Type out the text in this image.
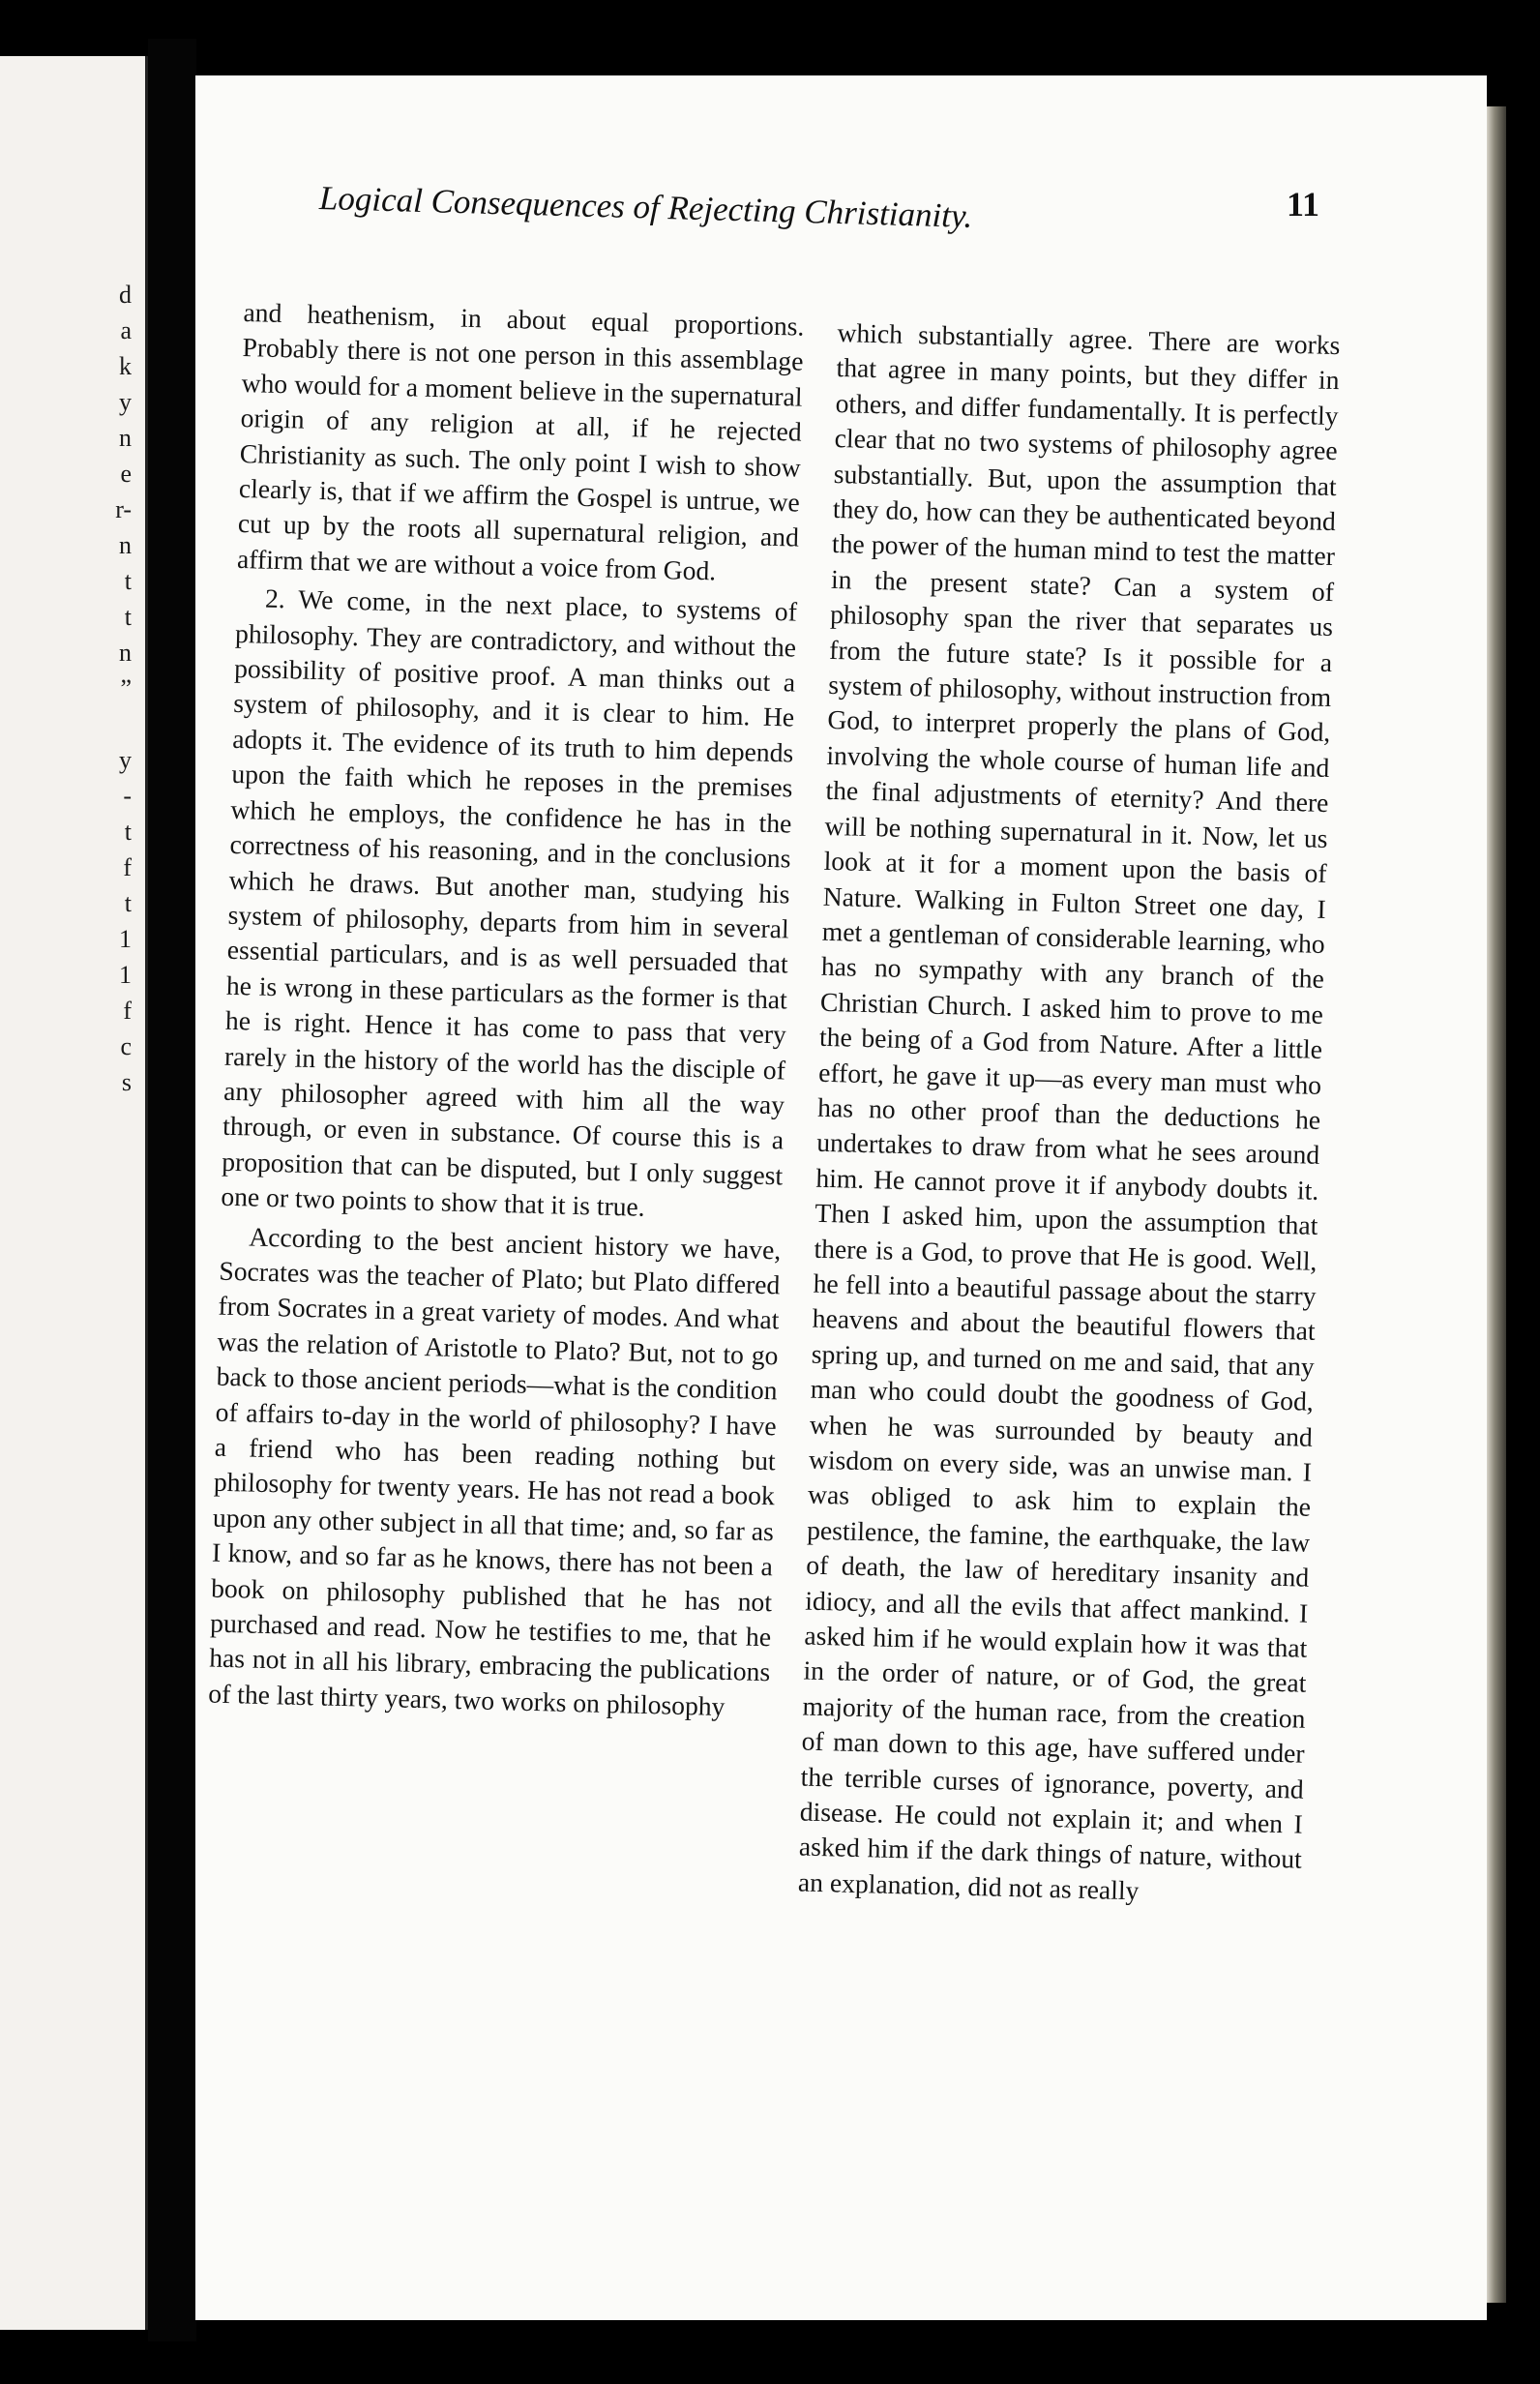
d
a
k
y
n
e
r-
n
t
t
n
”
y
-
t
f
t
1
1
f
c
s
Logical Consequences of Rejecting Christianity.	11

and heathenism, in about equal proportions. Probably there is not one person in this assemblage who would for a moment believe in the supernatural origin of any religion at all, if he rejected Christianity as such. The only point I wish to show clearly is, that if we affirm the Gospel is untrue, we cut up by the roots all supernatural religion, and affirm that we are without a voice from God.

2. We come, in the next place, to systems of philosophy. They are contradictory, and without the possibility of positive proof. A man thinks out a system of philosophy, and it is clear to him. He adopts it. The evidence of its truth to him depends upon the faith which he reposes in the premises which he employs, the confidence he has in the correctness of his reasoning, and in the conclusions which he draws. But another man, studying his system of philosophy, departs from him in several essential particulars, and is as well persuaded that he is wrong in these particulars as the former is that he is right. Hence it has come to pass that very rarely in the history of the world has the disciple of any philosopher agreed with him all the way through, or even in substance. Of course this is a proposition that can be disputed, but I only suggest one or two points to show that it is true.

According to the best ancient history we have, Socrates was the teacher of Plato; but Plato differed from Socrates in a great variety of modes. And what was the relation of Aristotle to Plato? But, not to go back to those ancient periods—what is the condition of affairs to-day in the world of philosophy? I have a friend who has been reading nothing but philosophy for twenty years. He has not read a book upon any other subject in all that time; and, so far as I know, and so far as he knows, there has not been a book on philosophy published that he has not purchased and read. Now he testifies to me, that he has not in all his library, embracing the publications of the last thirty years, two works on philosophy

which substantially agree. There are works that agree in many points, but they differ in others, and differ fundamentally. It is perfectly clear that no two systems of philosophy agree substantially. But, upon the assumption that they do, how can they be authenticated beyond the power of the human mind to test the matter in the present state? Can a system of philosophy span the river that separates us from the future state? Is it possible for a system of philosophy, without instruction from God, to interpret properly the plans of God, involving the whole course of human life and the final adjustments of eternity? And there will be nothing supernatural in it. Now, let us look at it for a moment upon the basis of Nature. Walking in Fulton Street one day, I met a gentleman of considerable learning, who has no sympathy with any branch of the Christian Church. I asked him to prove to me the being of a God from Nature. After a little effort, he gave it up—as every man must who has no other proof than the deductions he undertakes to draw from what he sees around him. He cannot prove it if anybody doubts it. Then I asked him, upon the assumption that there is a God, to prove that He is good. Well, he fell into a beautiful passage about the starry heavens and about the beautiful flowers that spring up, and turned on me and said, that any man who could doubt the goodness of God, when he was surrounded by beauty and wisdom on every side, was an unwise man. I was obliged to ask him to explain the pestilence, the famine, the earthquake, the law of death, the law of hereditary insanity and idiocy, and all the evils that affect mankind. I asked him if he would explain how it was that in the order of nature, or of God, the great majority of the human race, from the creation of man down to this age, have suffered under the terrible curses of ignorance, poverty, and disease. He could not explain it; and when I asked him if the dark things of nature, without an explanation, did not as really
